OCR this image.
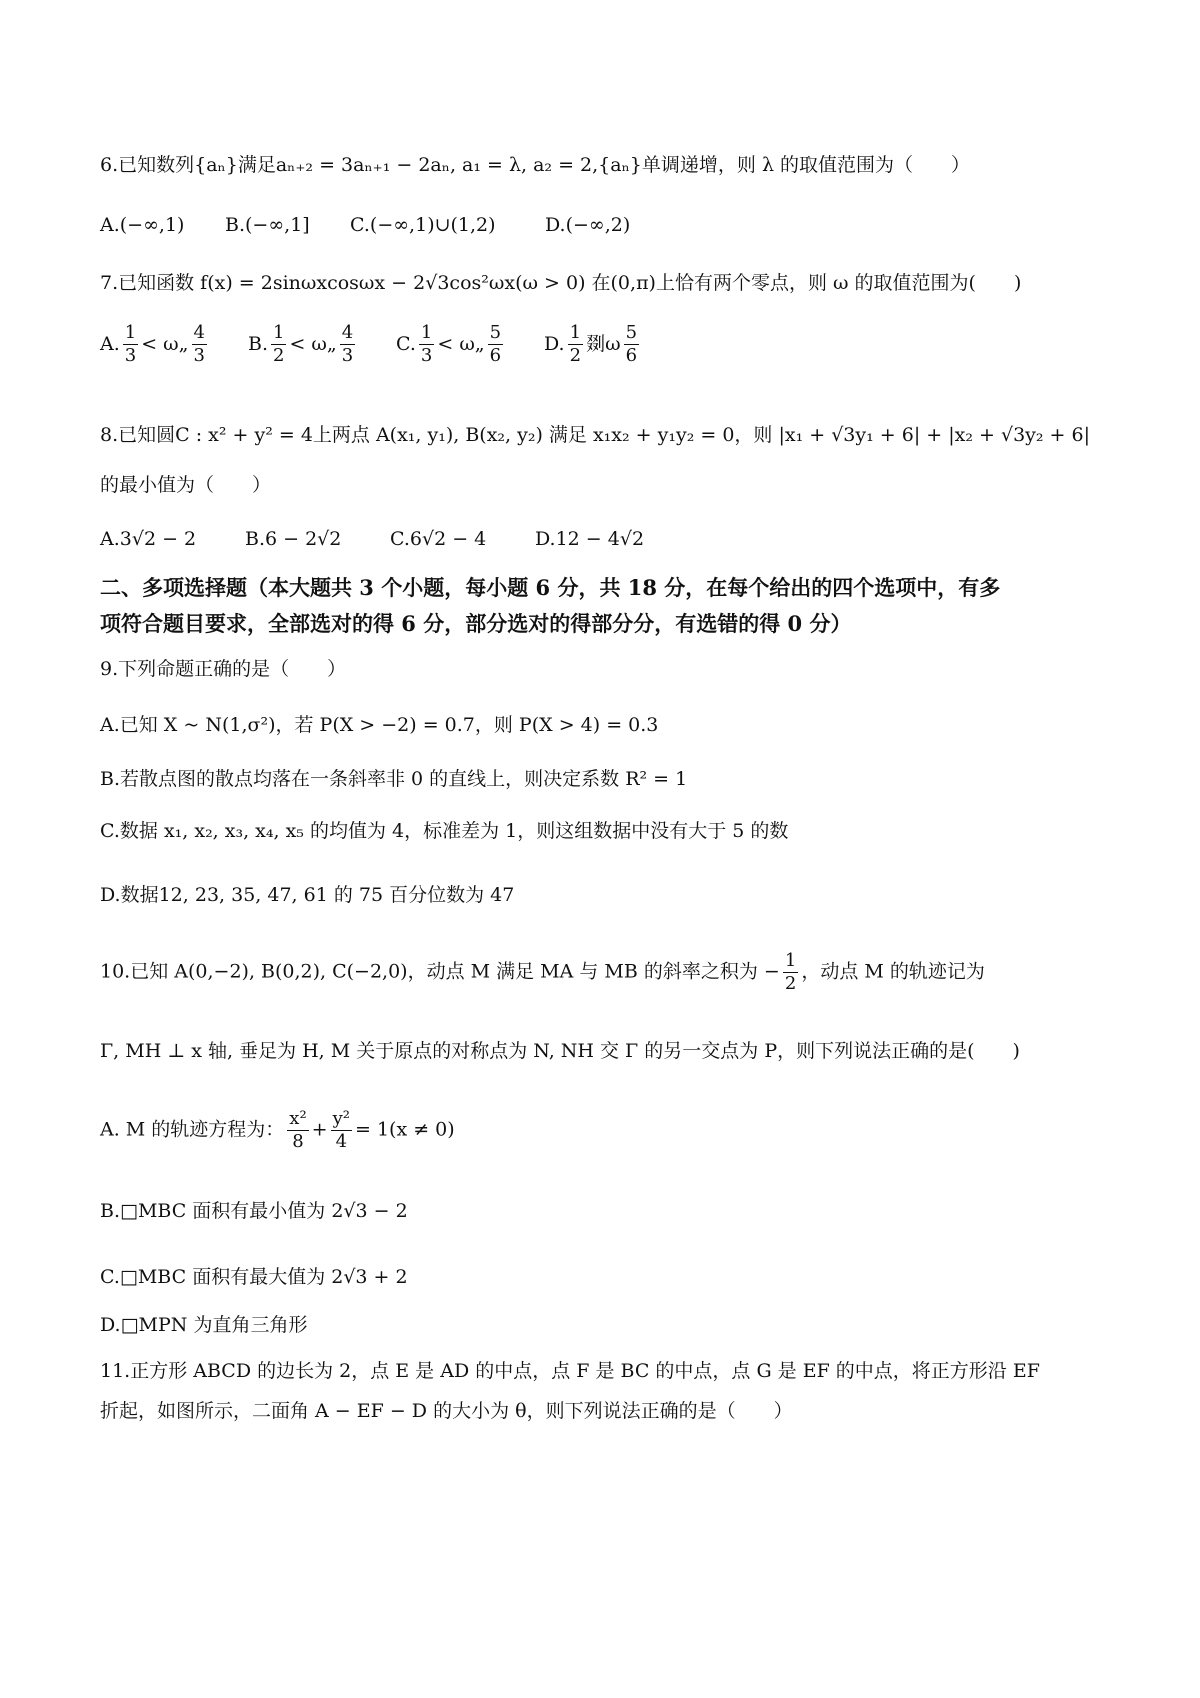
6.已知数列{aₙ}满足aₙ₊₂ = 3aₙ₊₁ − 2aₙ, a₁ = λ, a₂ = 2,{aₙ}单调递增，则 λ 的取值范围为（　　）
A.(−∞,1) B.(−∞,1] C.(−∞,1)∪(1,2)	D.(−∞,2)
7.已知函数 f(x) = 2sinωxcosωx − 2√3cos²ωx(ω > 0) 在(0,π)上恰有两个零点，则 ω 的取值范围为(　　)
A. $\frac{1}{3}$ < ω„ $\frac{4}{3} B$. $\frac{1}{2}$ < ω„ $\frac{4}{3} C$. $\frac{1}{3}$ < ω„ $\frac{5}{6} D$. $\frac{1}{2}$ 剟ω $\frac{5}{6}$
8.已知圆C : x² + y² = 4上两点 A(x₁, y₁), B(x₂, y₂) 满足 x₁x₂ + y₁y₂ = 0，则 |x₁ + √3y₁ + 6| + |x₂ + √3y₂ + 6|
的最小值为（　　）
A.3√2 − 2	B.6 − 2√2	C.6√2 − 4	D.12 − 4√2
二、多项选择题（本大题共 3 个小题，每小题 6 分，共 18 分，在每个给出的四个选项中，有多
项符合题目要求，全部选对的得 6 分，部分选对的得部分分，有选错的得 0 分）
9.下列命题正确的是（　　）
A.已知 X ~ N(1,σ²)，若 P(X > −2) = 0.7，则 P(X > 4) = 0.3
B.若散点图的散点均落在一条斜率非 0 的直线上，则决定系数 R² = 1
C.数据 x₁, x₂, x₃, x₄, x₅ 的均值为 4，标准差为 1，则这组数据中没有大于 5 的数
D.数据12, 23, 35, 47, 61 的 75 百分位数为 47
10.已知 A(0,−2), B(0,2), C(−2,0)，动点 M 满足 MA 与 MB 的斜率之积为 − $\frac{1}{2}$ ，动点 M 的轨迹记为
Γ, MH ⊥ x 轴, 垂足为 H, M 关于原点的对称点为 N, NH 交 Γ 的另一交点为 P，则下列说法正确的是(　　)
A. M 的轨迹方程为： $\frac{\text{x²}}{8} + \frac{\text{y²}}{4} = 1(x \ne 0)$
B.□MBC 面积有最小值为 2√3 − 2
C.□MBC 面积有最大值为 2√3 + 2
D.□MPN 为直角三角形
11.正方形 ABCD 的边长为 2，点 E 是 AD 的中点，点 F 是 BC 的中点，点 G 是 EF 的中点，将正方形沿 EF
折起，如图所示，二面角 A − EF − D 的大小为 θ，则下列说法正确的是（　　）
